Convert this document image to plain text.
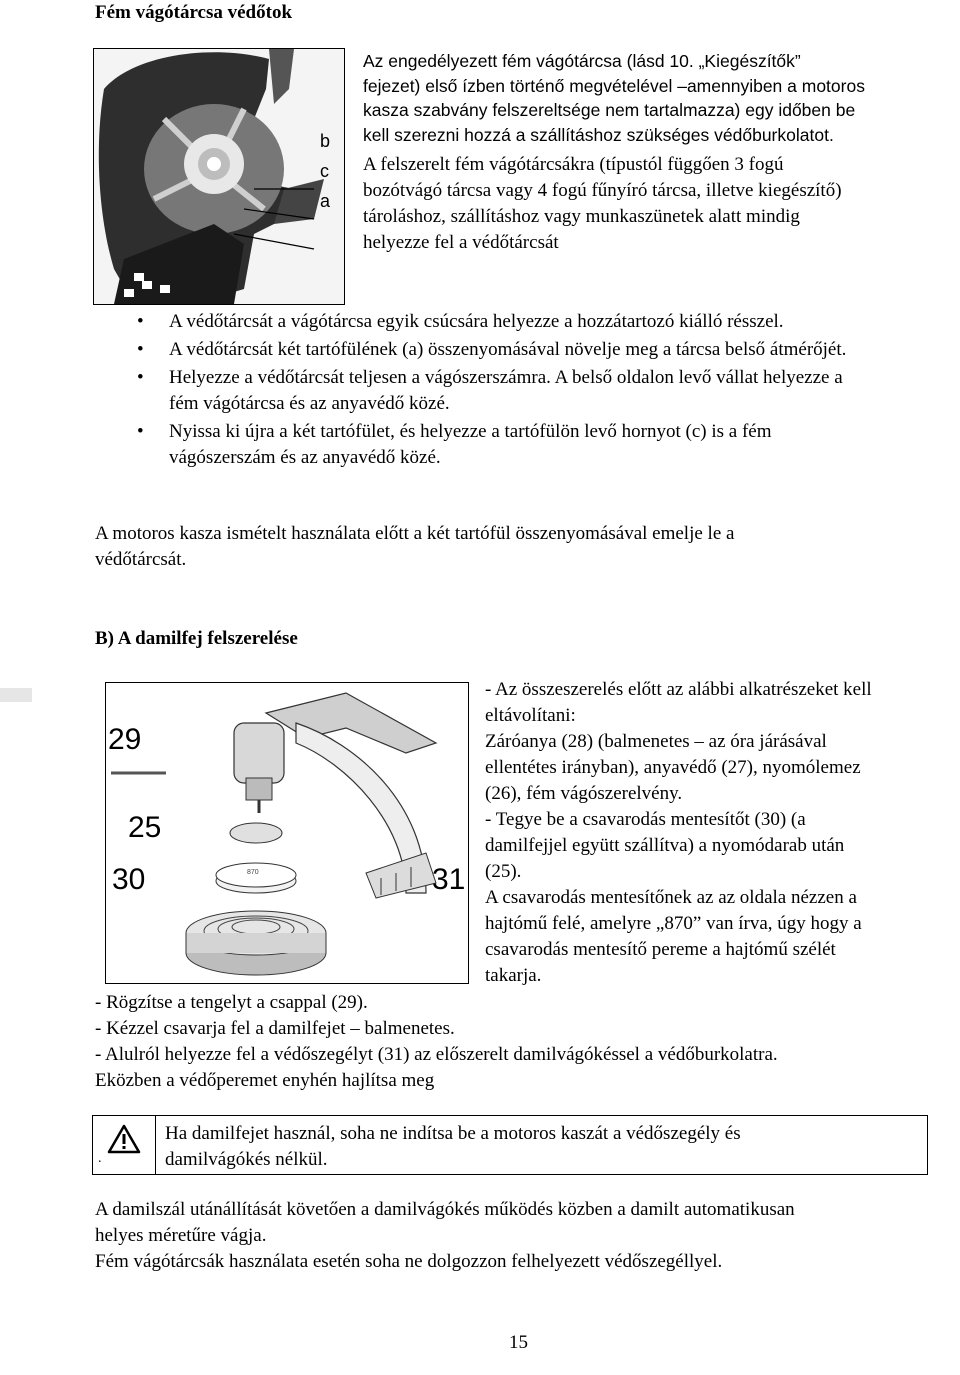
Fém vágótárcsa védőtok
b
c
a
Az engedélyezett fém vágótárcsa (lásd 10. „Kiegészítők”
fejezet) első ízben történő megvételével –amennyiben a motoros
kasza szabvány felszereltsége nem tartalmazza) egy időben be
kell szerezni hozzá a szállításhoz szükséges védőburkolatot.
A felszerelt fém vágótárcsákra (típustól függően 3 fogú
bozótvágó tárcsa vagy 4 fogú fűnyíró tárcsa, illetve kiegészítő)
tároláshoz, szállításhoz vagy munkaszünetek alatt mindig
helyezze fel a védőtárcsát
• A védőtárcsát a vágótárcsa egyik csúcsára helyezze a hozzátartozó kiálló résszel.
• A védőtárcsát két tartófülének (a) összenyomásával növelje meg a tárcsa belső átmérőjét.
• Helyezze a védőtárcsát teljesen a vágószerszámra. A belső oldalon levő vállat helyezze a fém vágótárcsa és az anyavédő közé.
• Nyissa ki újra a két tartófület, és helyezze a tartófülön levő hornyot (c) is a fém vágószerszám és az anyavédő közé.
A motoros kasza ismételt használata előtt a két tartófül összenyomásával emelje le a
védőtárcsát.
B) A damilfej felszerelése
29
25
30	31
870
- Az összeszerelés előtt az alábbi alkatrészeket kell
eltávolítani:
Záróanya (28) (balmenetes – az óra járásával
ellentétes irányban), anyavédő (27), nyomólemez
(26), fém vágószerelvény.
- Tegye be a csavarodás mentesítőt (30) (a
damilfejjel együtt szállítva) a nyomódarab után
(25).
A csavarodás mentesítőnek az az oldala nézzen a
hajtómű felé, amelyre „870” van írva, úgy hogy a
csavarodás mentesítő pereme a hajtómű szélét
takarja.
- Rögzítse a tengelyt a csappal (29).
- Kézzel csavarja fel a damilfejet – balmenetes.
- Alulról helyezze fel a védőszegélyt (31) az előszerelt damilvágókéssel a védőburkolatra.
Eközben a védőperemet enyhén hajlítsa meg
.
Ha damilfejet használ, soha ne indítsa be a motoros kaszát a védőszegély és
damilvágókés nélkül.
A damilszál utánállítását követően a damilvágókés működés közben a damilt automatikusan
helyes méretűre vágja.
Fém vágótárcsák használata esetén soha ne dolgozzon felhelyezett védőszegéllyel.
15
